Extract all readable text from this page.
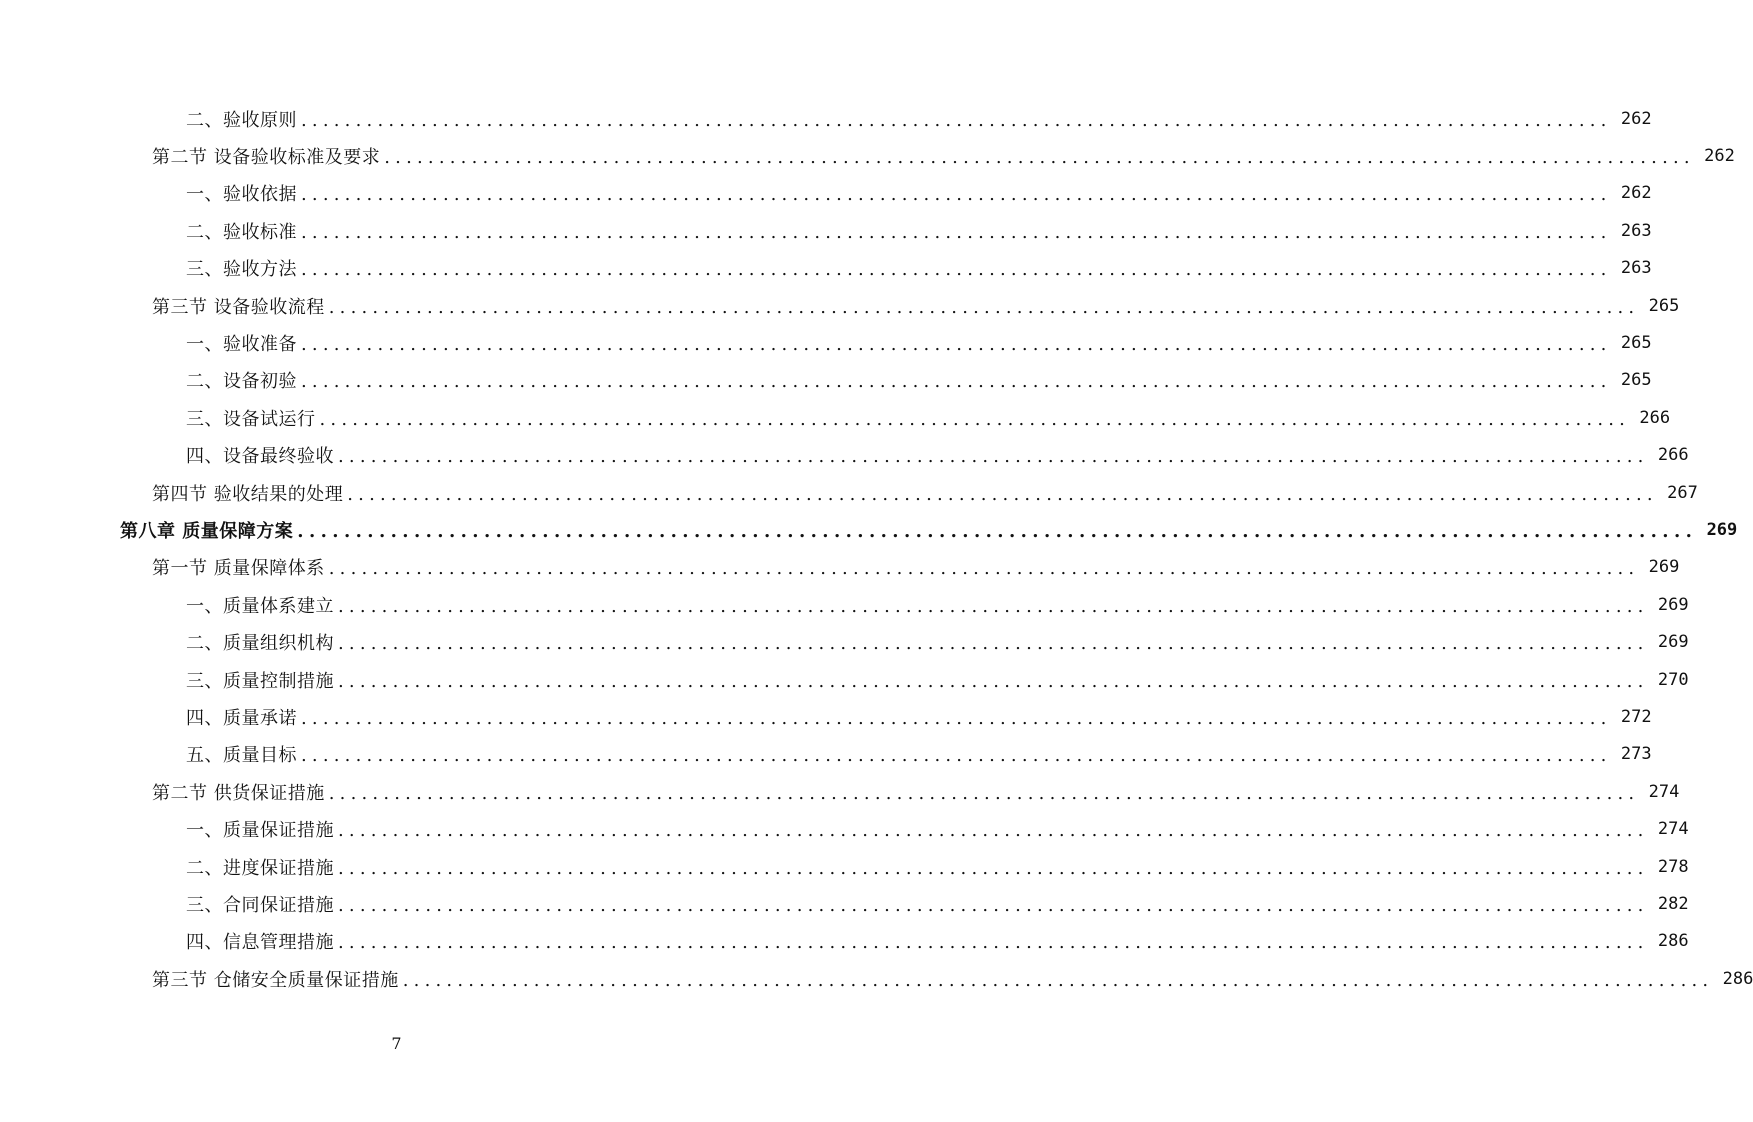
二、验收原则 ........................................................................................................................ 262
第二节 设备验收标准及要求 ........................................................................................................................ 262
一、验收依据 ........................................................................................................................ 262
二、验收标准 ........................................................................................................................ 263
三、验收方法 ........................................................................................................................ 263
第三节 设备验收流程 ........................................................................................................................ 265
一、验收准备 ........................................................................................................................ 265
二、设备初验 ........................................................................................................................ 265
三、设备试运行 ........................................................................................................................ 266
四、设备最终验收 ........................................................................................................................ 266
第四节 验收结果的处理 ........................................................................................................................ 267
第八章 质量保障方案 ........................................................................................................................ 269
第一节 质量保障体系 ........................................................................................................................ 269
一、质量体系建立 ........................................................................................................................ 269
二、质量组织机构 ........................................................................................................................ 269
三、质量控制措施 ........................................................................................................................ 270
四、质量承诺 ........................................................................................................................ 272
五、质量目标 ........................................................................................................................ 273
第二节 供货保证措施 ........................................................................................................................ 274
一、质量保证措施 ........................................................................................................................ 274
二、进度保证措施 ........................................................................................................................ 278
三、合同保证措施 ........................................................................................................................ 282
四、信息管理措施 ........................................................................................................................ 286
第三节 仓储安全质量保证措施 ........................................................................................................................ 286
7
